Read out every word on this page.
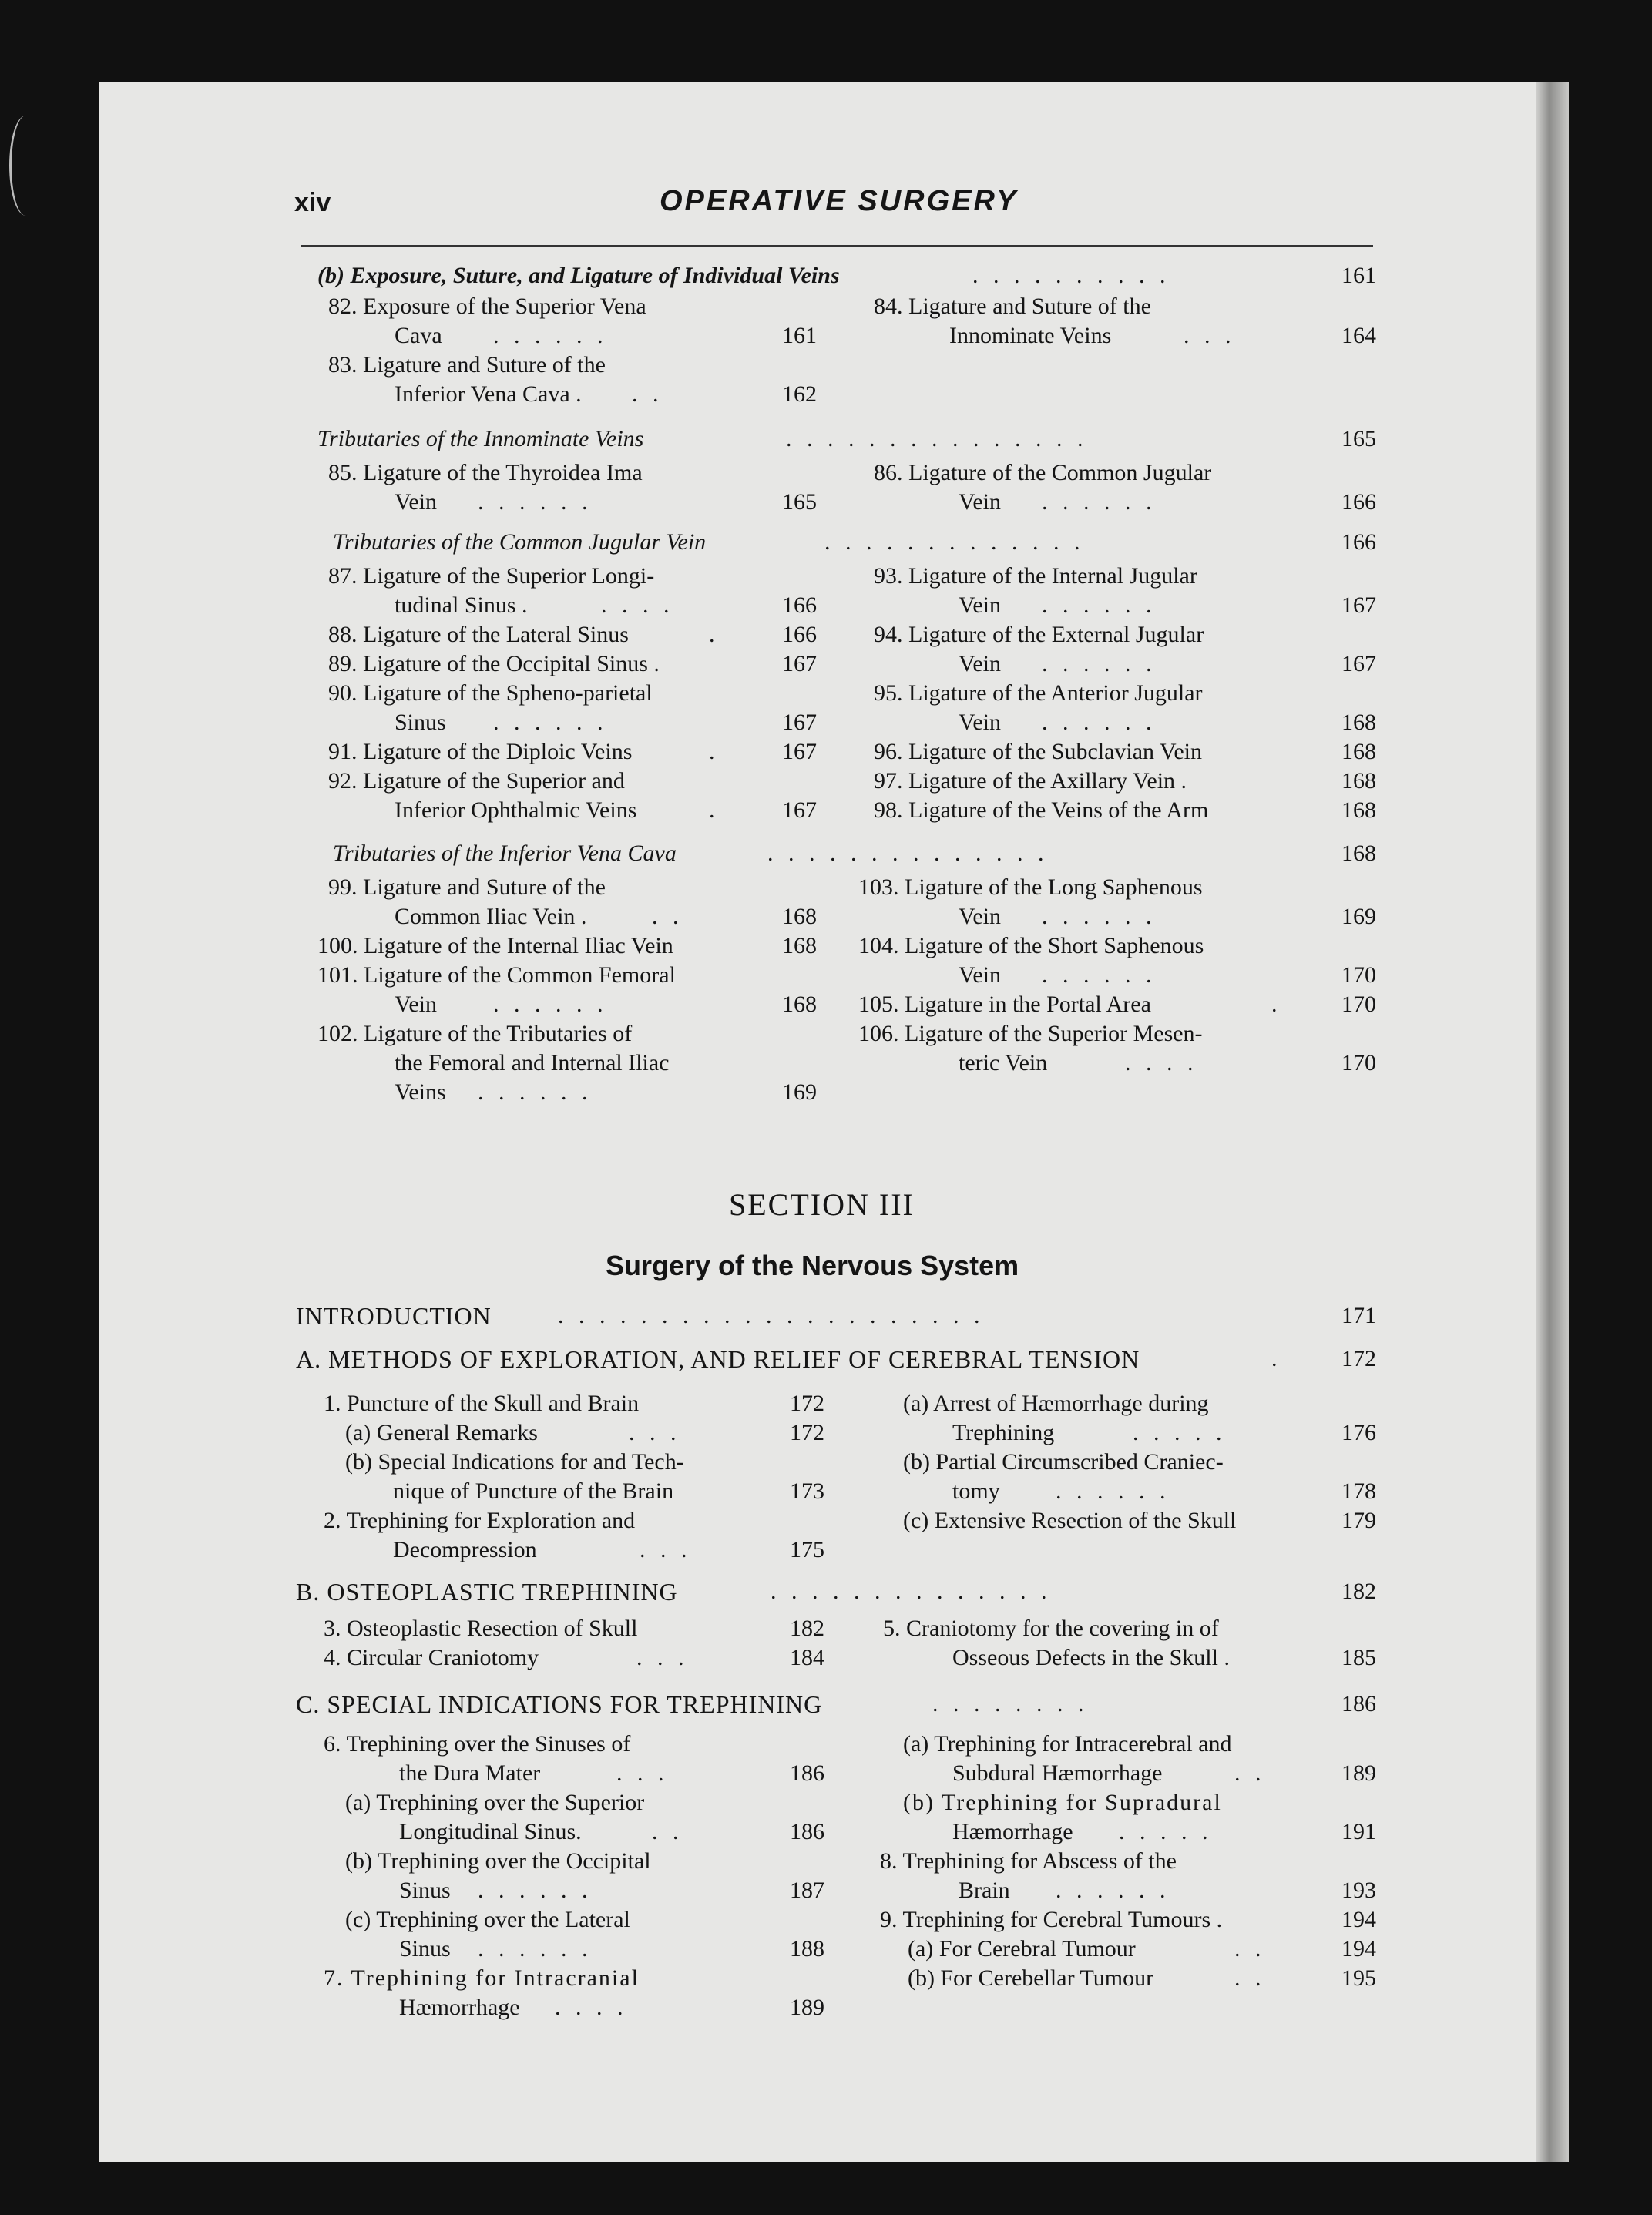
xiv	OPERATIVE SURGERY
(b) Exposure, Suture, and Ligature of Individual Veins	. . . . . . . . . .	161
82. Exposure of the Superior Vena
Cava . . . . . .	161
83. Ligature and Suture of the
Inferior Vena Cava . . .	162
84. Ligature and Suture of the
Innominate Veins	. . .	164
Tributaries of the Innominate Veins	. . . . . . . . . . . . . . .	165
85. Ligature of the Thyroidea Ima
Vein . . . . . .	165
86. Ligature of the Common Jugular
Vein . . . . . .	166
Tributaries of the Common Jugular Vein	. . . . . . . . . . . . .	166
87. Ligature of the Superior Longi-
tudinal Sinus .	. . . .	166
88. Ligature of the Lateral Sinus	.	166
89. Ligature of the Occipital Sinus .	167
90. Ligature of the Spheno-parietal
Sinus . . . . . .	167
91. Ligature of the Diploic Veins	.	167
92. Ligature of the Superior and
Inferior Ophthalmic Veins	.	167
93. Ligature of the Internal Jugular
Vein . . . . . .	167
94. Ligature of the External Jugular
Vein . . . . . .	167
95. Ligature of the Anterior Jugular
Vein . . . . . .	168
96. Ligature of the Subclavian Vein	168
97. Ligature of the Axillary Vein .	168
98. Ligature of the Veins of the Arm	168
Tributaries of the Inferior Vena Cava	. . . . . . . . . . . . . .	168
99. Ligature and Suture of the
Common Iliac Vein .	. .	168
100. Ligature of the Internal Iliac Vein	168
101. Ligature of the Common Femoral
Vein . . . . . .	168
102. Ligature of the Tributaries of
the Femoral and Internal Iliac
Veins . . . . . .	169
103. Ligature of the Long Saphenous
Vein . . . . . .	169
104. Ligature of the Short Saphenous
Vein . . . . . .	170
105. Ligature in the Portal Area	.	170
106. Ligature of the Superior Mesen-
teric Vein	. . . .	170
SECTION III
Surgery of the Nervous System
INTRODUCTION	. . . . . . . . . . . . . . . . . . . . .	171
A. METHODS OF EXPLORATION, AND RELIEF OF CEREBRAL TENSION	.	172
1. Puncture of the Skull and Brain	172
(a) General Remarks	. . .	172
(b) Special Indications for and Tech-
nique of Puncture of the Brain	173
2. Trephining for Exploration and
Decompression	. . .	175
(a) Arrest of Hæmorrhage during
Trephining	. . . . .	176
(b) Partial Circumscribed Craniec-
tomy . . . . . .	178
(c) Extensive Resection of the Skull	179
B. OSTEOPLASTIC TREPHINING	. . . . . . . . . . . . . .	182
3. Osteoplastic Resection of Skull	182
4. Circular Craniotomy	. . .	184
5. Craniotomy for the covering in of
Osseous Defects in the Skull .	185
C. SPECIAL INDICATIONS FOR TREPHINING	. . . . . . . .	186
6. Trephining over the Sinuses of
the Dura Mater	. . .	186
(a) Trephining over the Superior
Longitudinal Sinus.	. .	186
(b) Trephining over the Occipital
Sinus . . . . . .	187
(c) Trephining over the Lateral
Sinus . . . . . .	188
7. Trephining for Intracranial
Hæmorrhage . . . .	189
(a) Trephining for Intracerebral and
Subdural Hæmorrhage	. .	189
(b) Trephining for Supradural
Hæmorrhage . . . . .	191
8. Trephining for Abscess of the
Brain . . . . . .	193
9. Trephining for Cerebral Tumours .	194
(a) For Cerebral Tumour	. .	194
(b) For Cerebellar Tumour	. .	195
